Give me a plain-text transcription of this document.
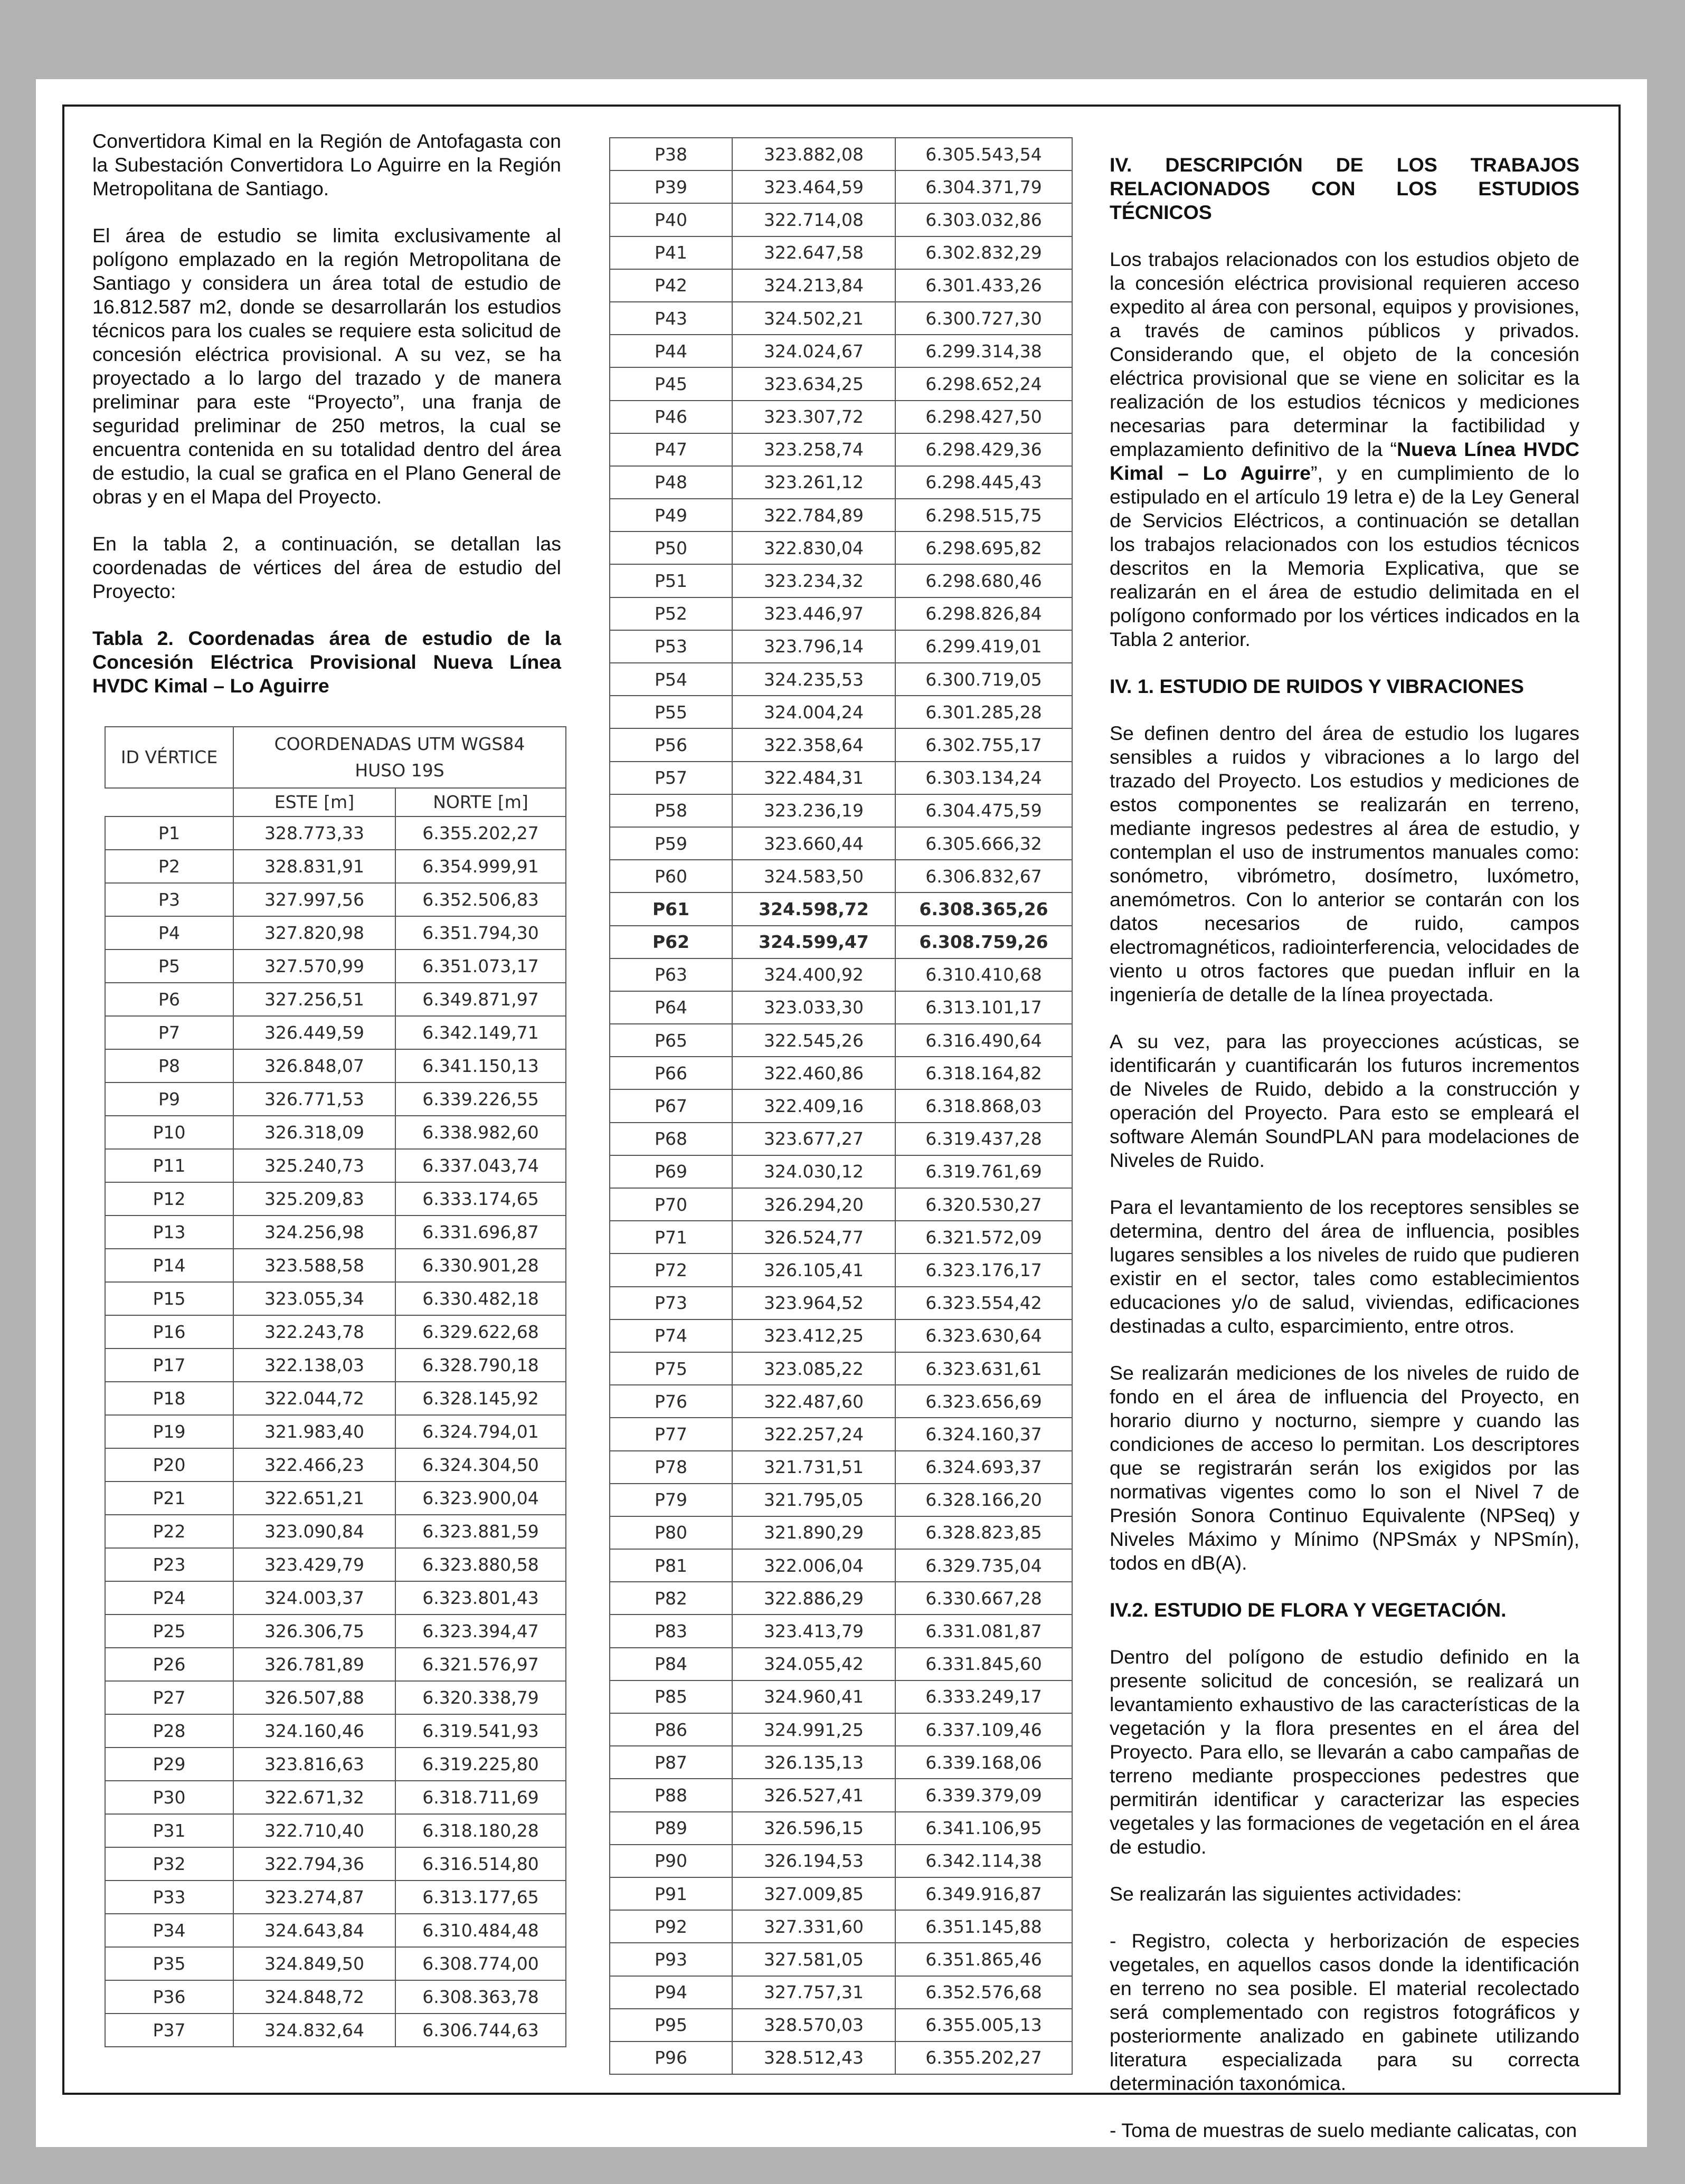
Convertidora Kimal en la Región de Antofagasta con la Subestación Convertidora Lo Aguirre en la Región Metropolitana de Santiago.

El área de estudio se limita exclusivamente al polígono emplazado en la región Metropolitana de Santiago y considera un área total de estudio de 16.812.587 m2, donde se desarrollarán los estudios técnicos para los cuales se requiere esta solicitud de concesión eléctrica provisional. A su vez, se ha proyectado a lo largo del trazado y de manera preliminar para este “Proyecto”, una franja de seguridad preliminar de 250 metros, la cual se encuentra contenida en su totalidad dentro del área de estudio, la cual se grafica en el Plano General de obras y en el Mapa del Proyecto.

En la tabla 2, a continuación, se detallan las coordenadas de vértices del área de estudio del Proyecto:

Tabla 2. Coordenadas área de estudio de la Concesión Eléctrica Provisional Nueva Línea HVDC Kimal – Lo Aguirre

ID VÉRTICE	COORDENADAS UTM WGS84 HUSO 19S	

	ESTE [m]	NORTE [m]
P1	328.773,33	6.355.202,27
P2	328.831,91	6.354.999,91
P3	327.997,56	6.352.506,83
P4	327.820,98	6.351.794,30
P5	327.570,99	6.351.073,17
P6	327.256,51	6.349.871,97
P7	326.449,59	6.342.149,71
P8	326.848,07	6.341.150,13
P9	326.771,53	6.339.226,55
P10	326.318,09	6.338.982,60
P11	325.240,73	6.337.043,74
P12	325.209,83	6.333.174,65
P13	324.256,98	6.331.696,87
P14	323.588,58	6.330.901,28
P15	323.055,34	6.330.482,18
P16	322.243,78	6.329.622,68
P17	322.138,03	6.328.790,18
P18	322.044,72	6.328.145,92
P19	321.983,40	6.324.794,01
P20	322.466,23	6.324.304,50
P21	322.651,21	6.323.900,04
P22	323.090,84	6.323.881,59
P23	323.429,79	6.323.880,58
P24	324.003,37	6.323.801,43
P25	326.306,75	6.323.394,47
P26	326.781,89	6.321.576,97
P27	326.507,88	6.320.338,79
P28	324.160,46	6.319.541,93
P29	323.816,63	6.319.225,80
P30	322.671,32	6.318.711,69
P31	322.710,40	6.318.180,28
P32	322.794,36	6.316.514,80
P33	323.274,87	6.313.177,65
P34	324.643,84	6.310.484,48
P35	324.849,50	6.308.774,00
P36	324.848,72	6.308.363,78
P37	324.832,64	6.306.744,63
P38	323.882,08	6.305.543,54
P39	323.464,59	6.304.371,79
P40	322.714,08	6.303.032,86
P41	322.647,58	6.302.832,29
P42	324.213,84	6.301.433,26
P43	324.502,21	6.300.727,30
P44	324.024,67	6.299.314,38
P45	323.634,25	6.298.652,24
P46	323.307,72	6.298.427,50
P47	323.258,74	6.298.429,36
P48	323.261,12	6.298.445,43
P49	322.784,89	6.298.515,75
P50	322.830,04	6.298.695,82
P51	323.234,32	6.298.680,46
P52	323.446,97	6.298.826,84
P53	323.796,14	6.299.419,01
P54	324.235,53	6.300.719,05
P55	324.004,24	6.301.285,28
P56	322.358,64	6.302.755,17
P57	322.484,31	6.303.134,24
P58	323.236,19	6.304.475,59
P59	323.660,44	6.305.666,32
P60	324.583,50	6.306.832,67
P61	324.598,72	6.308.365,26
P62	324.599,47	6.308.759,26
P63	324.400,92	6.310.410,68
P64	323.033,30	6.313.101,17
P65	322.545,26	6.316.490,64
P66	322.460,86	6.318.164,82
P67	322.409,16	6.318.868,03
P68	323.677,27	6.319.437,28
P69	324.030,12	6.319.761,69
P70	326.294,20	6.320.530,27
P71	326.524,77	6.321.572,09
P72	326.105,41	6.323.176,17
P73	323.964,52	6.323.554,42
P74	323.412,25	6.323.630,64
P75	323.085,22	6.323.631,61
P76	322.487,60	6.323.656,69
P77	322.257,24	6.324.160,37
P78	321.731,51	6.324.693,37
P79	321.795,05	6.328.166,20
P80	321.890,29	6.328.823,85
P81	322.006,04	6.329.735,04
P82	322.886,29	6.330.667,28
P83	323.413,79	6.331.081,87
P84	324.055,42	6.331.845,60
P85	324.960,41	6.333.249,17
P86	324.991,25	6.337.109,46
P87	326.135,13	6.339.168,06
P88	326.527,41	6.339.379,09
P89	326.596,15	6.341.106,95
P90	326.194,53	6.342.114,38
P91	327.009,85	6.349.916,87
P92	327.331,60	6.351.145,88
P93	327.581,05	6.351.865,46
P94	327.757,31	6.352.576,68
P95	328.570,03	6.355.005,13
P96	328.512,43	6.355.202,27
IV. DESCRIPCIÓN DE LOS TRABAJOS RELACIONADOS CON LOS ESTUDIOS TÉCNICOS

Los trabajos relacionados con los estudios objeto de la concesión eléctrica provisional requieren acceso expedito al área con personal, equipos y provisiones, a través de caminos públicos y privados. Considerando que, el objeto de la concesión eléctrica provisional que se viene en solicitar es la realización de los estudios técnicos y mediciones necesarias para determinar la factibilidad y emplazamiento definitivo de la “Nueva Línea HVDC Kimal – Lo Aguirre”, y en cumplimiento de lo estipulado en el artículo 19 letra e) de la Ley General de Servicios Eléctricos, a continuación se detallan los trabajos relacionados con los estudios técnicos descritos en la Memoria Explicativa, que se realizarán en el área de estudio delimitada en el polígono conformado por los vértices indicados en la Tabla 2 anterior.

IV. 1. ESTUDIO DE RUIDOS Y VIBRACIONES

Se definen dentro del área de estudio los lugares sensibles a ruidos y vibraciones a lo largo del trazado del Proyecto. Los estudios y mediciones de estos componentes se realizarán en terreno, mediante ingresos pedestres al área de estudio, y contemplan el uso de instrumentos manuales como: sonómetro, vibrómetro, dosímetro, luxómetro, anemómetros. Con lo anterior se contarán con los datos necesarios de ruido, campos electromagnéticos, radiointerferencia, velocidades de viento u otros factores que puedan influir en la ingeniería de detalle de la línea proyectada.

A su vez, para las proyecciones acústicas, se identificarán y cuantificarán los futuros incrementos de Niveles de Ruido, debido a la construcción y operación del Proyecto. Para esto se empleará el software Alemán SoundPLAN para modelaciones de Niveles de Ruido.

Para el levantamiento de los receptores sensibles se determina, dentro del área de influencia, posibles lugares sensibles a los niveles de ruido que pudieren existir en el sector, tales como establecimientos educaciones y/o de salud, viviendas, edificaciones destinadas a culto, esparcimiento, entre otros.

Se realizarán mediciones de los niveles de ruido de fondo en el área de influencia del Proyecto, en horario diurno y nocturno, siempre y cuando las condiciones de acceso lo permitan. Los descriptores que se registrarán serán los exigidos por las normativas vigentes como lo son el Nivel 7 de Presión Sonora Continuo Equivalente (NPSeq) y Niveles Máximo y Mínimo (NPSmáx y NPSmín), todos en dB(A).

IV.2. ESTUDIO DE FLORA Y VEGETACIÓN.

Dentro del polígono de estudio definido en la presente solicitud de concesión, se realizará un levantamiento exhaustivo de las características de la vegetación y la flora presentes en el área del Proyecto. Para ello, se llevarán a cabo campañas de terreno mediante prospecciones pedestres que permitirán identificar y caracterizar las especies vegetales y las formaciones de vegetación en el área de estudio.

Se realizarán las siguientes actividades:

- Registro, colecta y herborización de especies vegetales, en aquellos casos donde la identificación en terreno no sea posible. El material recolectado será complementado con registros fotográficos y posteriormente analizado en gabinete utilizando literatura especializada para su correcta determinación taxonómica.

- Toma de muestras de suelo mediante calicatas, con
